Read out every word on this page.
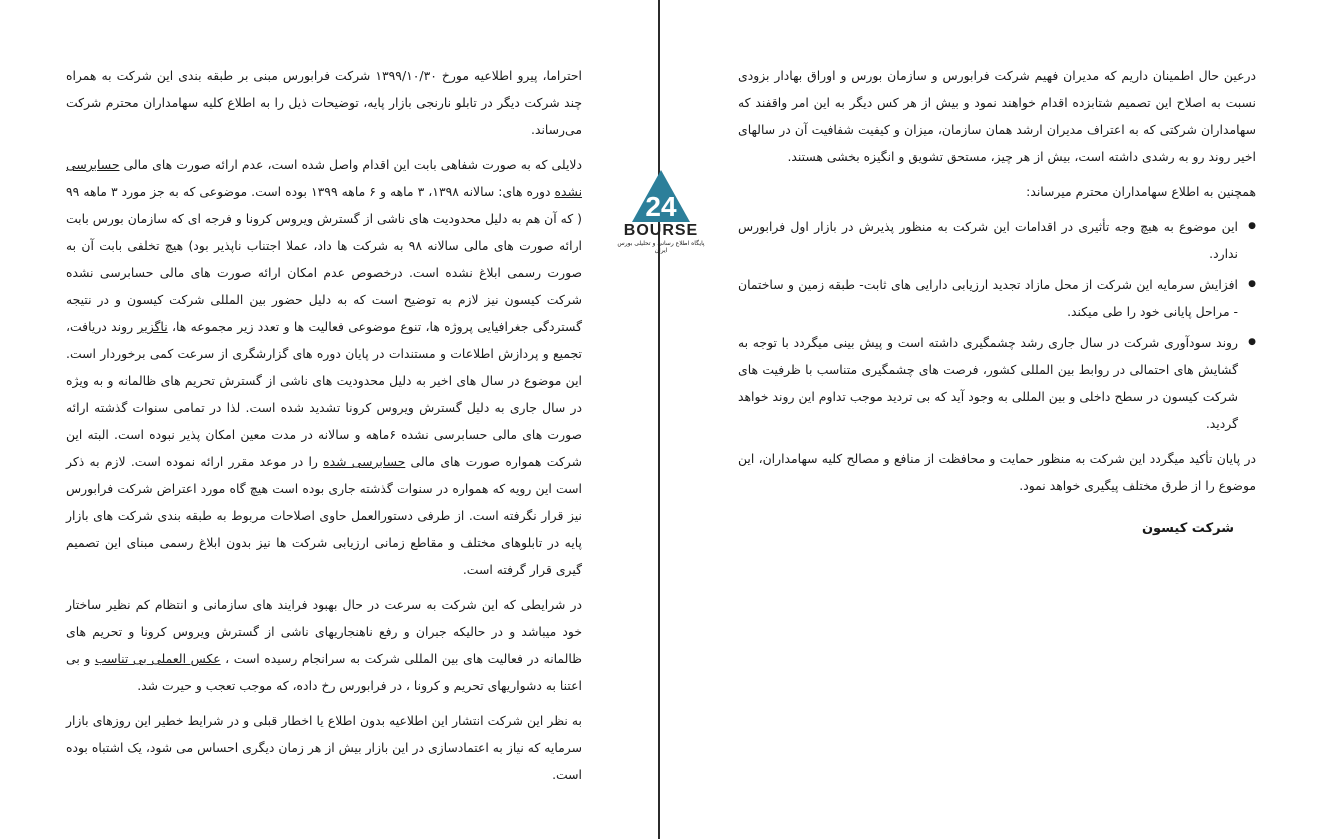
احتراما، پیرو اطلاعیه مورخ ۱۳۹۹/۱۰/۳۰ شرکت فرابورس مبنی بر طبقه بندی این شرکت به همراه چند شرکت دیگر در تابلو نارنجی بازار پایه، توضیحات ذیل را به اطلاع کلیه سهامداران محترم شرکت می‌رساند.

دلایلی که به صورت شفاهی بابت این اقدام واصل شده است، عدم ارائه صورت های مالی حسابرسی نشده دوره های: سالانه ۱۳۹۸، ۳ ماهه و ۶ ماهه ۱۳۹۹ بوده است. موضوعی که به جز مورد ۳ ماهه ۹۹ ( که آن هم به دلیل محدودیت های ناشی از گسترش ویروس کرونا و فرجه ای که سازمان بورس بابت ارائه صورت های مالی سالانه ۹۸ به شرکت ها داد، عملا اجتناب ناپذیر بود) هیچ تخلفی بابت آن به صورت رسمی ابلاغ نشده است. درخصوص عدم امکان ارائه صورت های مالی حسابرسی نشده شرکت کیسون نیز لازم به توضیح است که به دلیل حضور بین المللی شرکت کیسون و در نتیجه گستردگی جغرافیایی پروژه ها، تنوع موضوعی فعالیت ها و تعدد زیر مجموعه ها، ناگزیر روند دریافت، تجمیع و پردازش اطلاعات و مستندات در پایان دوره های گزارشگری از سرعت کمی برخوردار است. این موضوع در سال های اخیر به دلیل محدودیت های ناشی از گسترش تحریم های ظالمانه و به ویژه در سال جاری به دلیل گسترش ویروس کرونا تشدید شده است. لذا در تمامی سنوات گذشته ارائه صورت های مالی حسابرسی نشده ۶ماهه و سالانه در مدت معین امکان پذیر نبوده است. البته این شرکت همواره صورت های مالی حسابرسی شده را در موعد مقرر ارائه نموده است. لازم به ذکر است این رویه که همواره در سنوات گذشته جاری بوده است هیچ گاه مورد اعتراض شرکت فرابورس نیز قرار نگرفته است. از طرفی دستورالعمل حاوی اصلاحات مربوط به طبقه بندی شرکت های بازار پایه در تابلوهای مختلف و مقاطع زمانی ارزیابی شرکت ها نیز بدون ابلاغ رسمی مبنای این تصمیم گیری قرار گرفته است.

در شرایطی که این شرکت به سرعت در حال بهبود فرایند های سازمانی و انتظام کم نظیر ساختار خود میباشد و در حالیکه جبران و رفع ناهنجاریهای ناشی از گسترش ویروس کرونا و تحریم های ظالمانه در فعالیت های بین المللی شرکت به سرانجام رسیده است ، عکس العملی بی تناسب و بی اعتنا به دشواریهای تحریم و کرونا ، در فرابورس رخ داده، که موجب تعجب و حیرت شد.

به نظر این شرکت انتشار این اطلاعیه بدون اطلاع یا اخطار قبلی و در شرایط خطیر این روزهای بازار سرمایه که نیاز به اعتمادسازی در این بازار بیش از هر زمان دیگری احساس می شود، یک اشتباه بوده است.

24
BOURSE
پایگاه اطلاع رسانی و تحلیلی بورس ایران

درعین حال اطمینان داریم که مدیران فهیم شرکت فرابورس و سازمان بورس و اوراق بهادار بزودی نسبت به اصلاح این تصمیم شتابزده اقدام خواهند نمود و بیش از هر کس دیگر به این امر واقفند که سهامداران شرکتی که به اعتراف مدیران ارشد همان سازمان، میزان و کیفیت شفافیت آن در سالهای اخیر روند رو به رشدی داشته است، بیش از هر چیز، مستحق تشویق و انگیزه بخشی هستند.

همچنین به اطلاع سهامداران محترم میرساند:

● این موضوع به هیچ وجه تأثیری در اقدامات این شرکت به منظور پذیرش در بازار اول فرابورس ندارد.
● افزایش سرمایه این شرکت از محل مازاد تجدید ارزیابی دارایی های ثابت- طبقه زمین و ساختمان - مراحل پایانی خود را طی میکند.
● روند سودآوری شرکت در سال جاری رشد چشمگیری داشته است و پیش بینی میگردد با توجه به گشایش های احتمالی در روابط بین المللی کشور، فرصت های چشمگیری متناسب با ظرفیت های شرکت کیسون در سطح داخلی و بین المللی به وجود آید که بی تردید موجب تداوم این روند خواهد گردید.

در پایان تأکید میگردد این شرکت به منظور حمایت و محافظت از منافع و مصالح کلیه سهامداران، این موضوع را از طرق مختلف پیگیری خواهد نمود.

شرکت کیسون
